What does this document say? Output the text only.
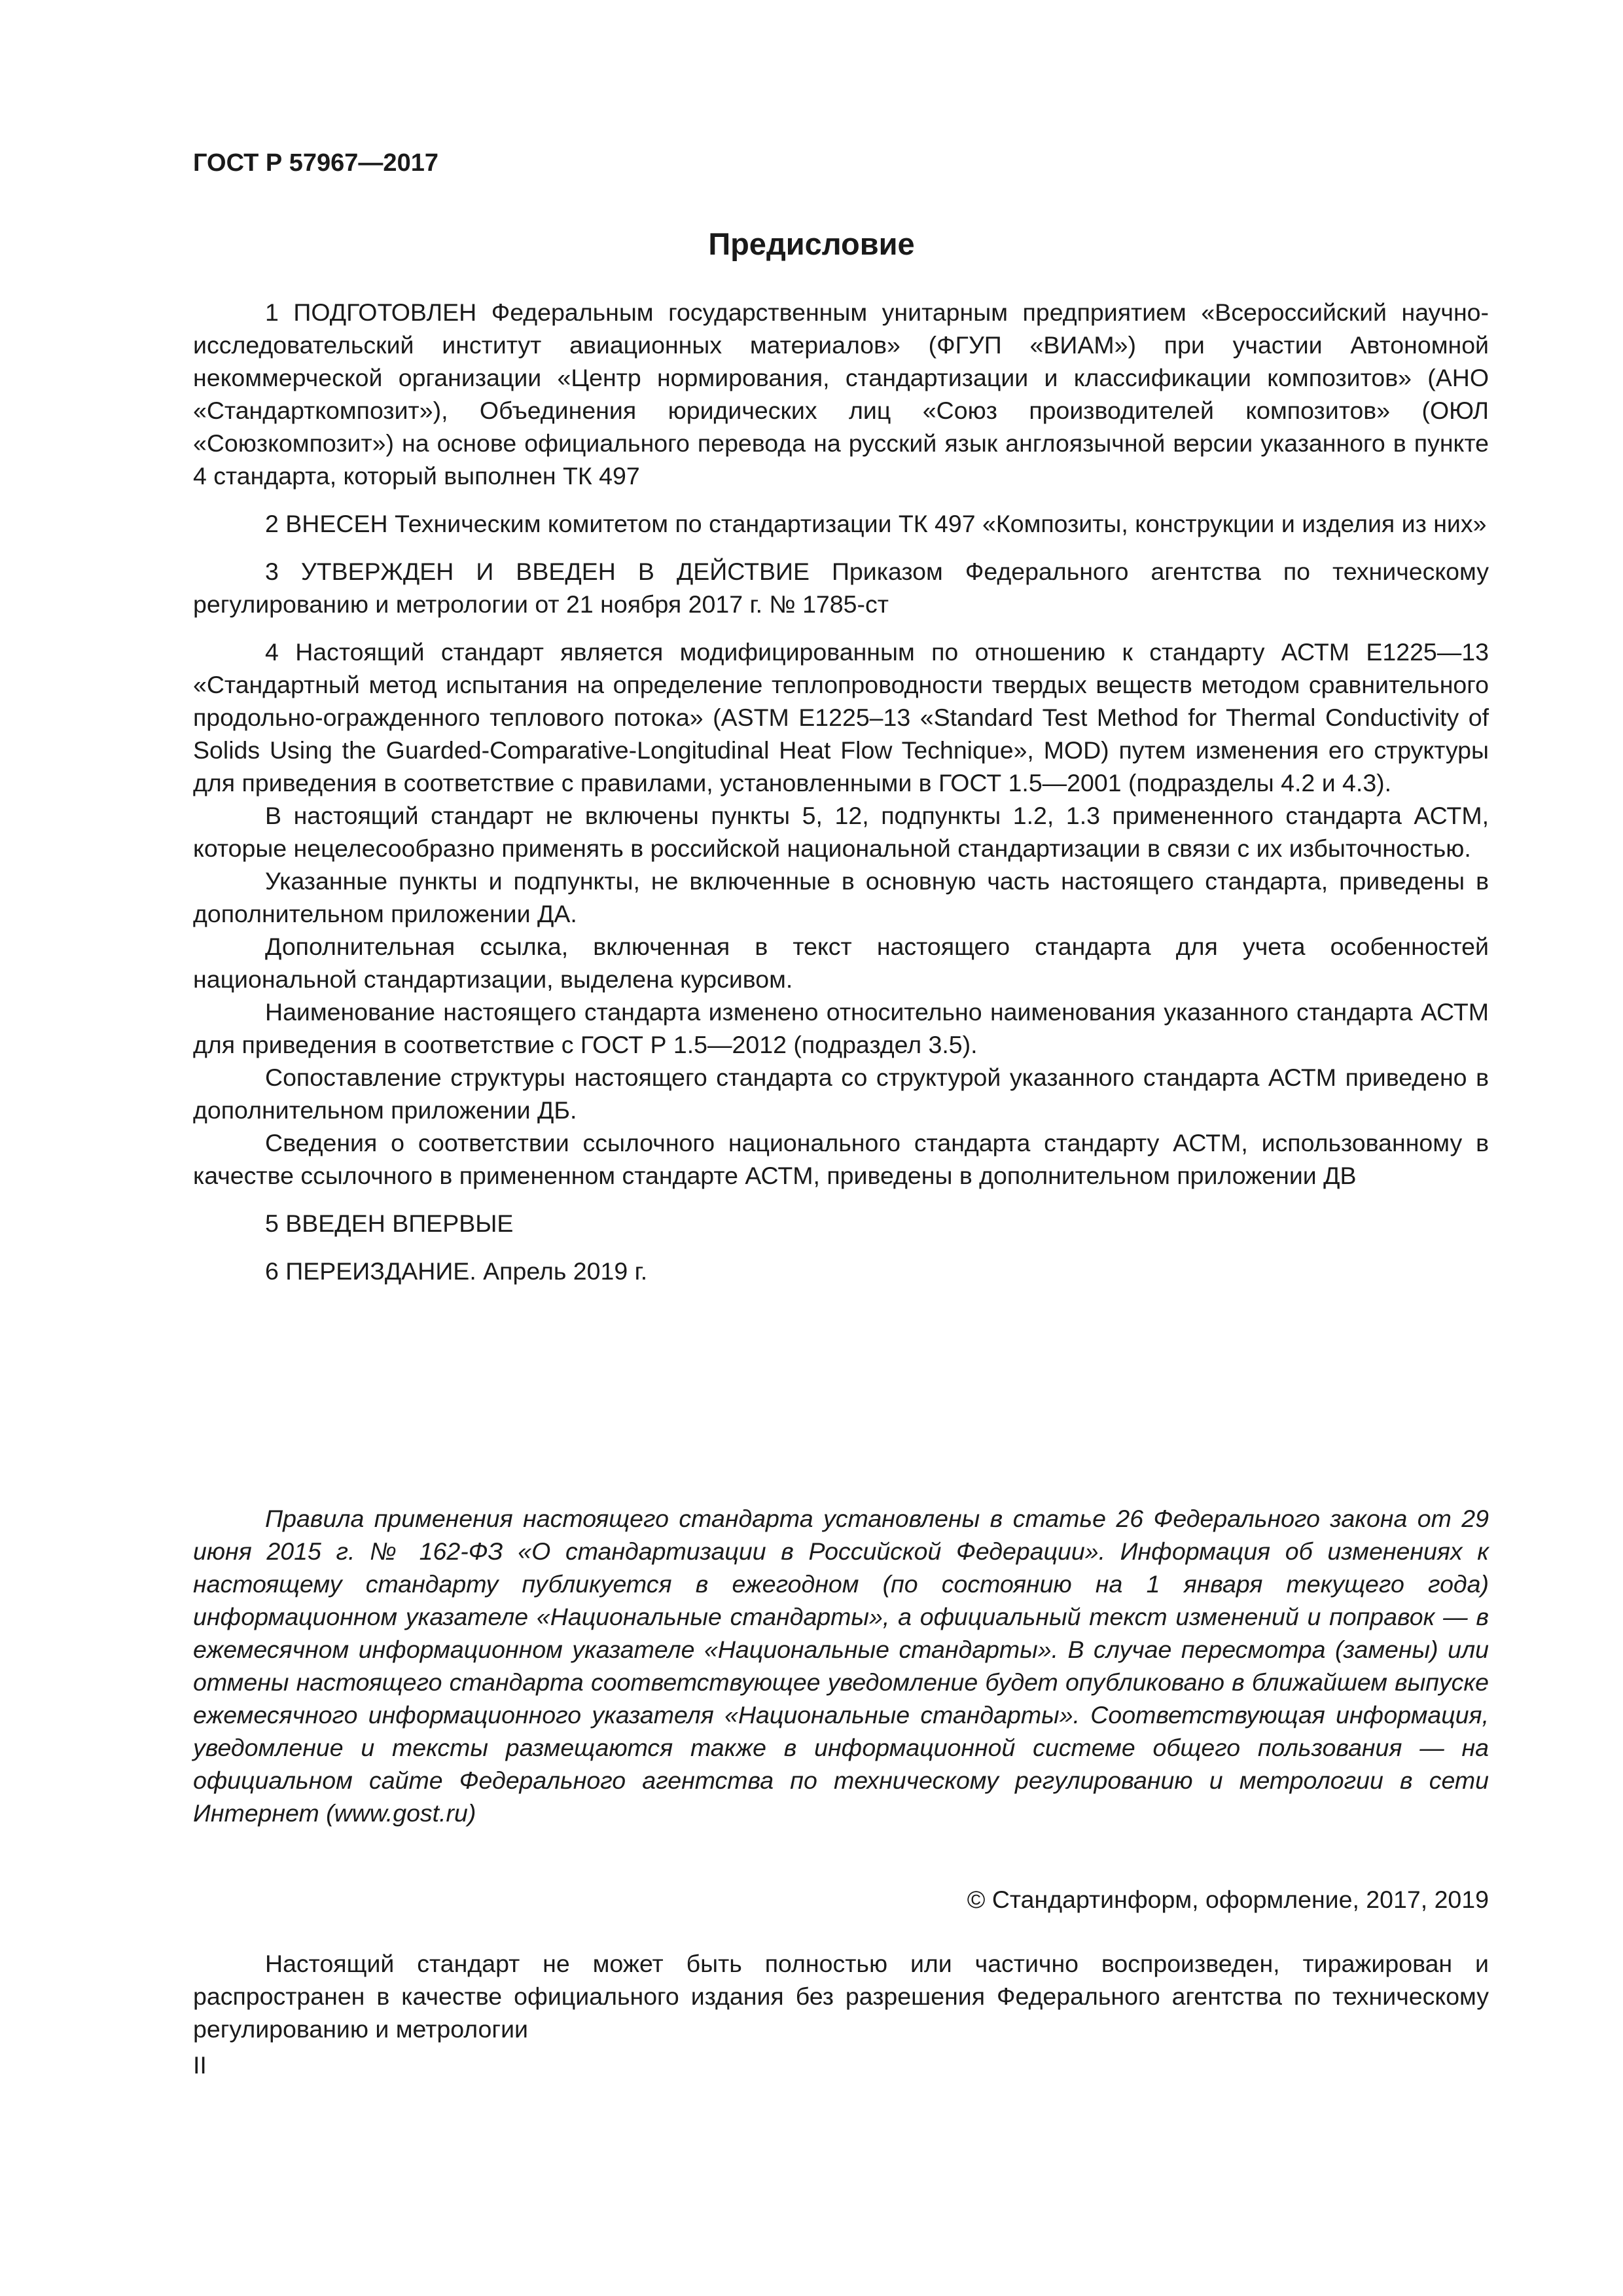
ГОСТ Р 57967—2017

Предисловие

1 ПОДГОТОВЛЕН Федеральным государственным унитарным предприятием «Всероссийский научно-исследовательский институт авиационных материалов» (ФГУП «ВИАМ») при участии Автономной некоммерческой организации «Центр нормирования, стандартизации и классификации композитов» (АНО «Стандарткомпозит»), Объединения юридических лиц «Союз производителей композитов» (ОЮЛ «Союзкомпозит») на основе официального перевода на русский язык англоязычной версии указанного в пункте 4 стандарта, который выполнен ТК 497

2 ВНЕСЕН Техническим комитетом по стандартизации ТК 497 «Композиты, конструкции и изделия из них»

3 УТВЕРЖДЕН И ВВЕДЕН В ДЕЙСТВИЕ Приказом Федерального агентства по техническому регулированию и метрологии от 21 ноября 2017 г. № 1785-ст

4 Настоящий стандарт является модифицированным по отношению к стандарту АСТМ E1225—13 «Стандартный метод испытания на определение теплопроводности твердых веществ методом сравнительного продольно-огражденного теплового потока» (ASTM E1225–13 «Standard Test Method for Thermal Conductivity of Solids Using the Guarded-Comparative-Longitudinal Heat Flow Technique», MOD) путем изменения его структуры для приведения в соответствие с правилами, установленными в ГОСТ 1.5—2001 (подразделы 4.2 и 4.3).

В настоящий стандарт не включены пункты 5, 12, подпункты 1.2, 1.3 примененного стандарта АСТМ, которые нецелесообразно применять в российской национальной стандартизации в связи с их избыточностью.

Указанные пункты и подпункты, не включенные в основную часть настоящего стандарта, приведены в дополнительном приложении ДА.

Дополнительная ссылка, включенная в текст настоящего стандарта для учета особенностей национальной стандартизации, выделена курсивом.

Наименование настоящего стандарта изменено относительно наименования указанного стандарта АСТМ для приведения в соответствие с ГОСТ Р 1.5—2012 (подраздел 3.5).

Сопоставление структуры настоящего стандарта со структурой указанного стандарта АСТМ приведено в дополнительном приложении ДБ.

Сведения о соответствии ссылочного национального стандарта стандарту АСТМ, использованному в качестве ссылочного в примененном стандарте АСТМ, приведены в дополнительном приложении ДВ

5 ВВЕДЕН ВПЕРВЫЕ

6 ПЕРЕИЗДАНИЕ. Апрель 2019 г.

Правила применения настоящего стандарта установлены в статье 26 Федерального закона от 29 июня 2015 г. № 162-ФЗ «О стандартизации в Российской Федерации». Информация об изменениях к настоящему стандарту публикуется в ежегодном (по состоянию на 1 января текущего года) информационном указателе «Национальные стандарты», а официальный текст изменений и поправок — в ежемесячном информационном указателе «Национальные стандарты». В случае пересмотра (замены) или отмены настоящего стандарта соответствующее уведомление будет опубликовано в ближайшем выпуске ежемесячного информационного указателя «Национальные стандарты». Соответствующая информация, уведомление и тексты размещаются также в информационной системе общего пользования — на официальном сайте Федерального агентства по техническому регулированию и метрологии в сети Интернет (www.gost.ru)

© Стандартинформ, оформление, 2017, 2019

Настоящий стандарт не может быть полностью или частично воспроизведен, тиражирован и распространен в качестве официального издания без разрешения Федерального агентства по техническому регулированию и метрологии

II
